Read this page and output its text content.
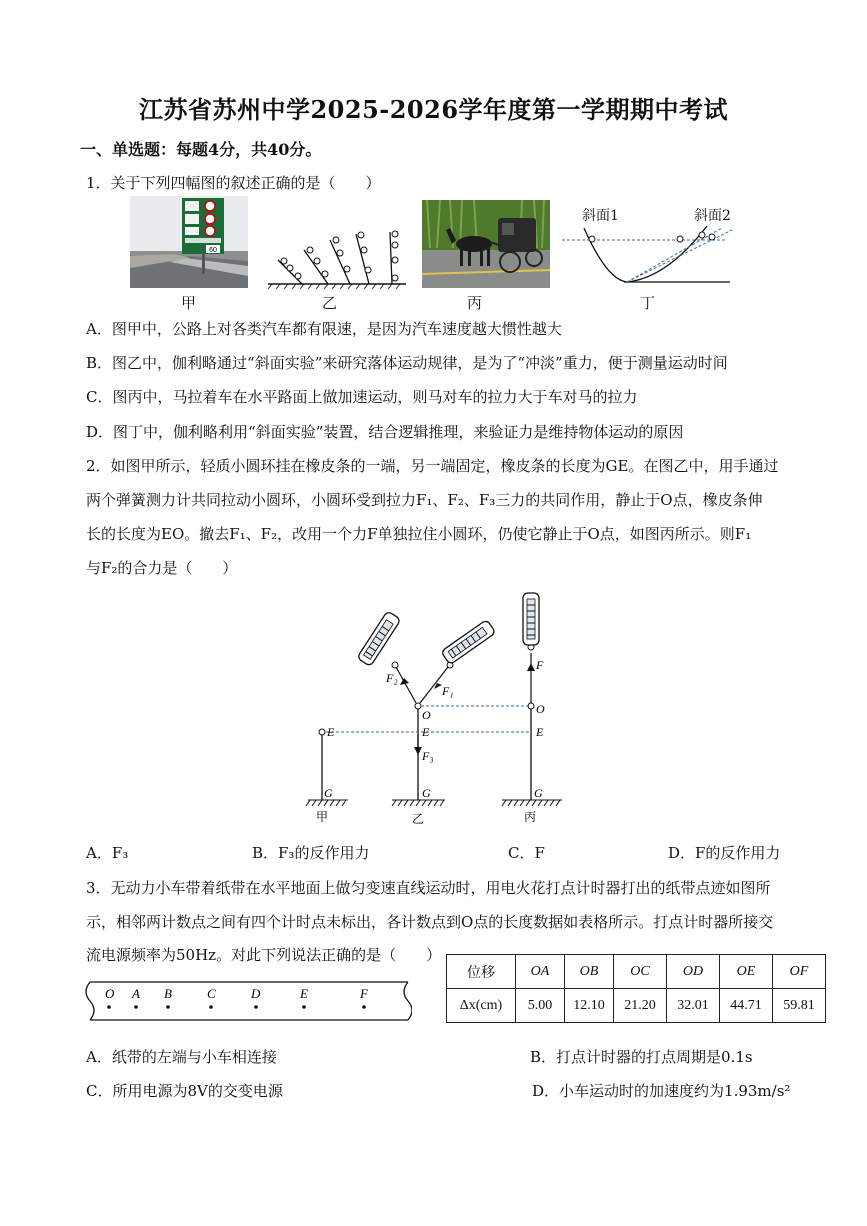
江苏省苏州中学2025-2026学年度第一学期期中考试
一、单选题：每题4分，共40分。
1．关于下列四幅图的叙述正确的是（　　）
60
甲	乙	丙
斜面1	斜面2
丁
A．图甲中，公路上对各类汽车都有限速，是因为汽车速度越大惯性越大
B．图乙中，伽利略通过“斜面实验”来研究落体运动规律，是为了“冲淡”重力，便于测量运动时间
C．图丙中，马拉着车在水平路面上做加速运动，则马对车的拉力大于车对马的拉力
D．图丁中，伽利略利用“斜面实验”装置，结合逻辑推理，来验证力是维持物体运动的原因
2．如图甲所示，轻质小圆环挂在橡皮条的一端，另一端固定，橡皮条的长度为GE。在图乙中，用手通过
两个弹簧测力计共同拉动小圆环，小圆环受到拉力F₁、F₂、F₃三力的共同作用，静止于O点，橡皮条伸
长的长度为EO。撤去F₁、F₂，改用一个力F单独拉住小圆环，仍使它静止于O点，如图丙所示。则F₁
与F₂的合力是（　　）
E
G
O
E
F₃
G
F₂
F₁
F
O
E
G
甲	乙	丙
A．F₃	B．F₃的反作用力	C．F	D．F的反作用力
3．无动力小车带着纸带在水平地面上做匀变速直线运动时，用电火花打点计时器打出的纸带点迹如图所
示，相邻两计数点之间有四个计时点未标出，各计数点到O点的长度数据如表格所示。打点计时器所接交
流电源频率为50Hz。对此下列说法正确的是（　　）
O A B	C	D	E	F
位移	OA	OB	OC	OD	OE	OF
Δx(cm)	5.00	12.10	21.20	32.01	44.71	59.81
A．纸带的左端与小车相连接	B．打点计时器的打点周期是0.1s
C．所用电源为8V的交变电源	D．小车运动时的加速度约为1.93m/s²
